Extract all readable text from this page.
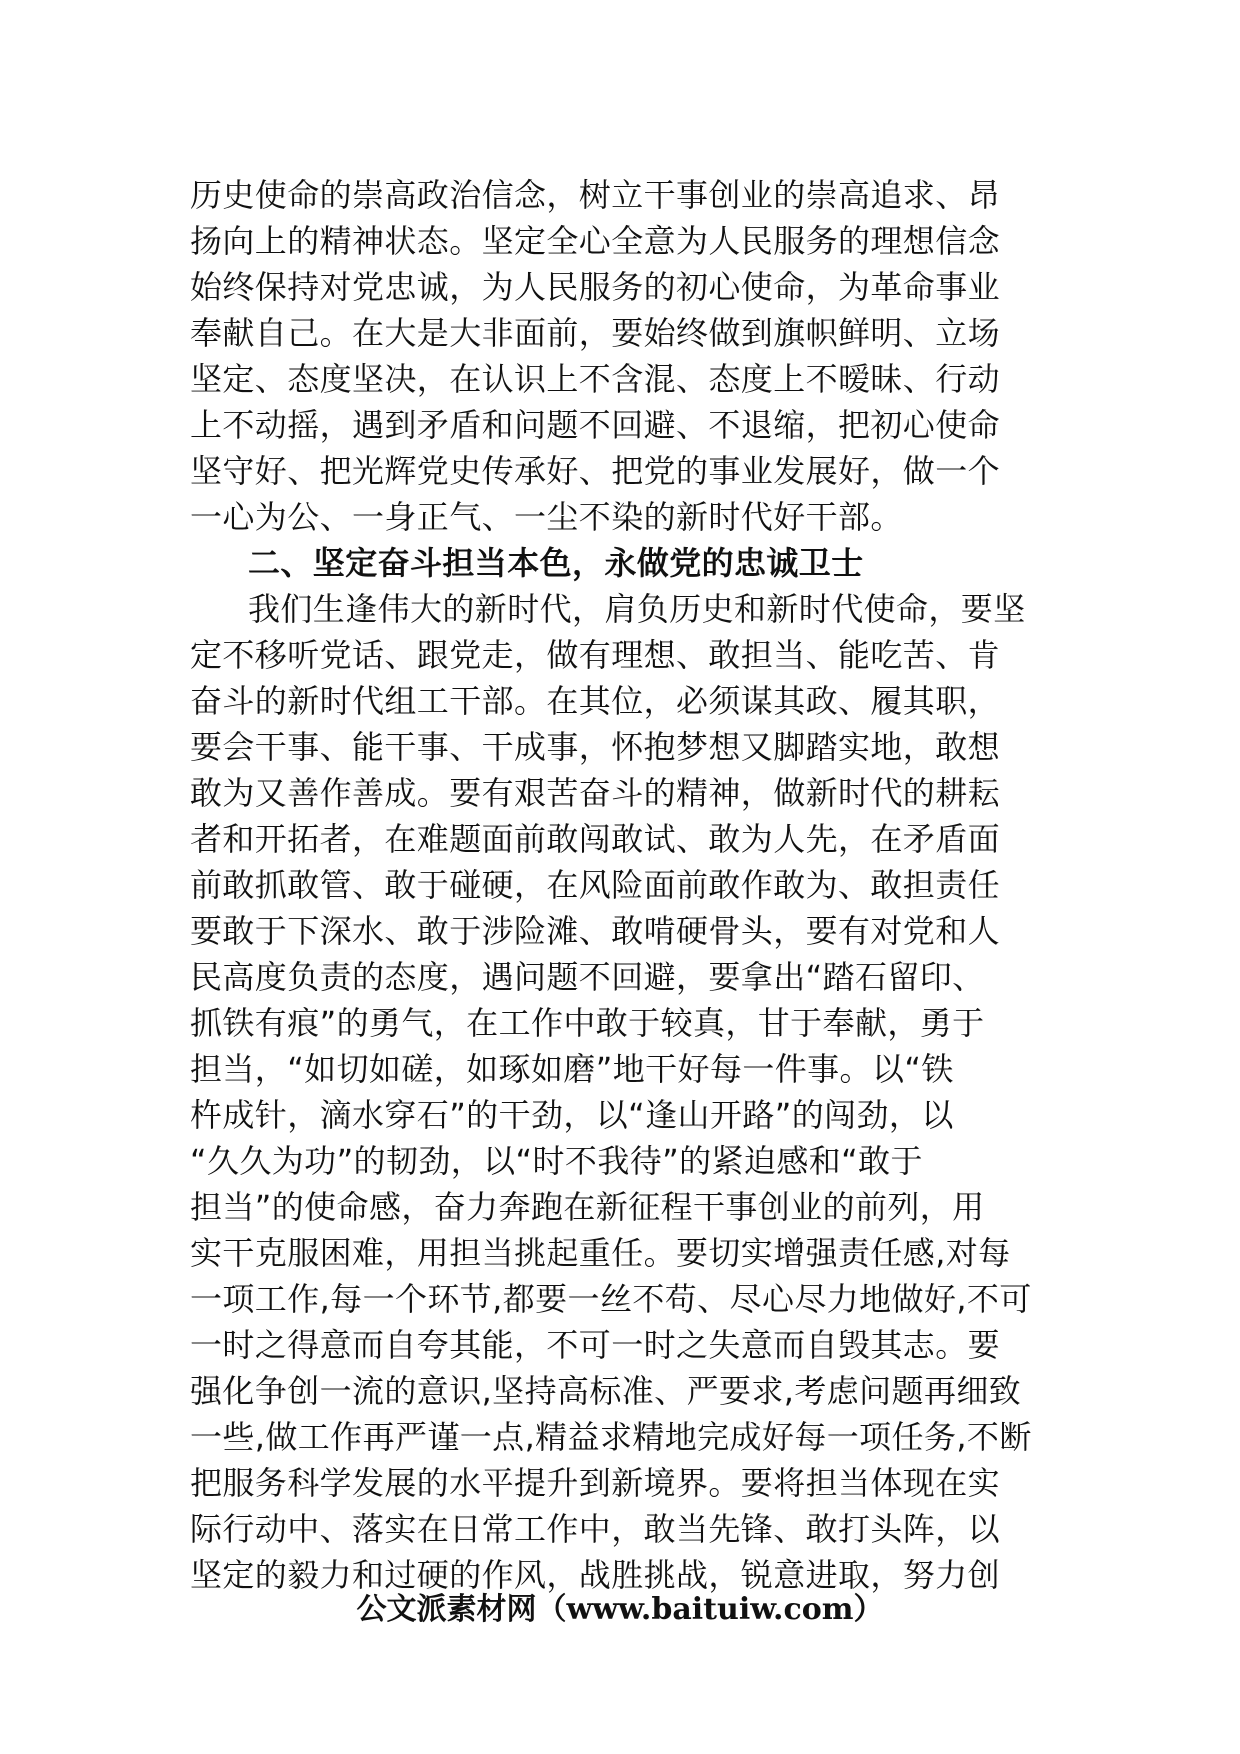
历史使命的崇高政治信念，树立干事创业的崇高追求、昂
扬向上的精神状态。坚定全心全意为人民服务的理想信念
始终保持对党忠诚，为人民服务的初心使命，为革命事业
奉献自己。在大是大非面前，要始终做到旗帜鲜明、立场
坚定、态度坚决，在认识上不含混、态度上不暧昧、行动
上不动摇，遇到矛盾和问题不回避、不退缩，把初心使命
坚守好、把光辉党史传承好、把党的事业发展好，做一个
一心为公、一身正气、一尘不染的新时代好干部。
二、坚定奋斗担当本色，永做党的忠诚卫士
我们生逢伟大的新时代，肩负历史和新时代使命，要坚
定不移听党话、跟党走，做有理想、敢担当、能吃苦、肯
奋斗的新时代组工干部。在其位，必须谋其政、履其职，
要会干事、能干事、干成事，怀抱梦想又脚踏实地，敢想
敢为又善作善成。要有艰苦奋斗的精神，做新时代的耕耘
者和开拓者，在难题面前敢闯敢试、敢为人先，在矛盾面
前敢抓敢管、敢于碰硬，在风险面前敢作敢为、敢担责任
要敢于下深水、敢于涉险滩、敢啃硬骨头，要有对党和人
民高度负责的态度，遇问题不回避，要拿出“踏石留印、
抓铁有痕”的勇气，在工作中敢于较真，甘于奉献，勇于
担当，“如切如磋，如琢如磨”地干好每一件事。以“铁
杵成针，滴水穿石”的干劲，以“逢山开路”的闯劲，以
“久久为功”的韧劲，以“时不我待”的紧迫感和“敢于
担当”的使命感，奋力奔跑在新征程干事创业的前列，用
实干克服困难，用担当挑起重任。要切实增强责任感,对每
一项工作,每一个环节,都要一丝不苟、尽心尽力地做好,不可
一时之得意而自夸其能，不可一时之失意而自毁其志。要
强化争创一流的意识,坚持高标准、严要求,考虑问题再细致
一些,做工作再严谨一点,精益求精地完成好每一项任务,不断
把服务科学发展的水平提升到新境界。要将担当体现在实
际行动中、落实在日常工作中，敢当先锋、敢打头阵，以
坚定的毅力和过硬的作风，战胜挑战，锐意进取，努力创
公文派素材网（www.baituiw.com）
